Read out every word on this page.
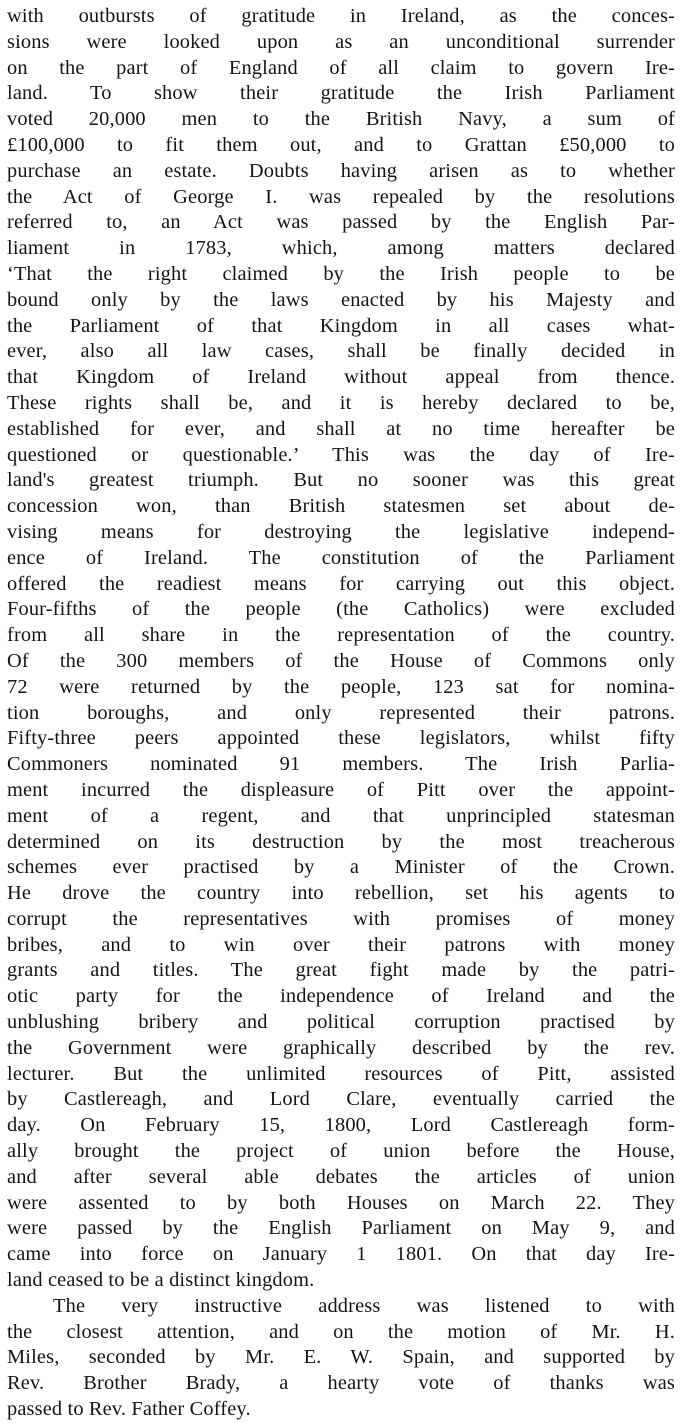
with outbursts of gratitude in Ireland, as the conces-
sions were looked upon as an unconditional surrender
on the part of England of all claim to govern Ire-
land. To show their gratitude the Irish Parliament
voted 20,000 men to the British Navy, a sum of
£100,000 to fit them out, and to Grattan £50,000 to
purchase an estate. Doubts having arisen as to whether
the Act of George I. was repealed by the resolutions
referred to, an Act was passed by the English Par-
liament in 1783, which, among matters declared
‘That the right claimed by the Irish people to be
bound only by the laws enacted by his Majesty and
the Parliament of that Kingdom in all cases what-
ever, also all law cases, shall be finally decided in
that Kingdom of Ireland without appeal from thence.
These rights shall be, and it is hereby declared to be,
established for ever, and shall at no time hereafter be
questioned or questionable.’ This was the day of Ire-
land's greatest triumph. But no sooner was this great
concession won, than British statesmen set about de-
vising means for destroying the legislative independ-
ence of Ireland. The constitution of the Parliament
offered the readiest means for carrying out this object.
Four-fifths of the people (the Catholics) were excluded
from all share in the representation of the country.
Of the 300 members of the House of Commons only
72 were returned by the people, 123 sat for nomina-
tion boroughs, and only represented their patrons.
Fifty-three peers appointed these legislators, whilst fifty
Commoners nominated 91 members. The Irish Parlia-
ment incurred the displeasure of Pitt over the appoint-
ment of a regent, and that unprincipled statesman
determined on its destruction by the most treacherous
schemes ever practised by a Minister of the Crown.
He drove the country into rebellion, set his agents to
corrupt the representatives with promises of money
bribes, and to win over their patrons with money
grants and titles. The great fight made by the patri-
otic party for the independence of Ireland and the
unblushing bribery and political corruption practised by
the Government were graphically described by the rev.
lecturer. But the unlimited resources of Pitt, assisted
by Castlereagh, and Lord Clare, eventually carried the
day. On February 15, 1800, Lord Castlereagh form-
ally brought the project of union before the House,
and after several able debates the articles of union
were assented to by both Houses on March 22. They
were passed by the English Parliament on May 9, and
came into force on January 1 1801. On that day Ire-
land ceased to be a distinct kingdom.
The very instructive address was listened to with
the closest attention, and on the motion of Mr. H.
Miles, seconded by Mr. E. W. Spain, and supported by
Rev. Brother Brady, a hearty vote of thanks was
passed to Rev. Father Coffey.
